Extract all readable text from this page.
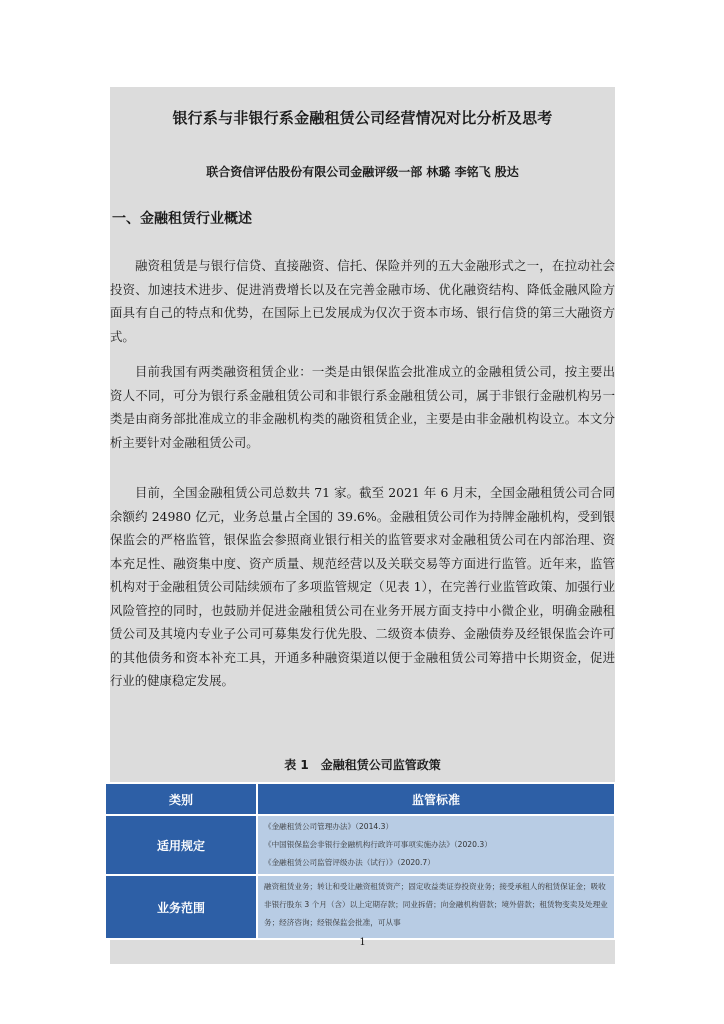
银行系与非银行系金融租赁公司经营情况对比分析及思考
联合资信评估股份有限公司金融评级一部 林璐 李铭飞 殷达
一、金融租赁行业概述
融资租赁是与银行信贷、直接融资、信托、保险并列的五大金融形式之一，在拉动社会投资、加速技术进步、促进消费增长以及在完善金融市场、优化融资结构、降低金融风险方面具有自己的特点和优势，在国际上已发展成为仅次于资本市场、银行信贷的第三大融资方式。
目前我国有两类融资租赁企业：一类是由银保监会批准成立的金融租赁公司，按主要出资人不同，可分为银行系金融租赁公司和非银行系金融租赁公司，属于非银行金融机构另一类是由商务部批准成立的非金融机构类的融资租赁企业，主要是由非金融机构设立。本文分析主要针对金融租赁公司。
目前，全国金融租赁公司总数共 71 家。截至 2021 年 6 月末，全国金融租赁公司合同余额约 24980 亿元，业务总量占全国的 39.6%。金融租赁公司作为持牌金融机构，受到银保监会的严格监管，银保监会参照商业银行相关的监管要求对金融租赁公司在内部治理、资本充足性、融资集中度、资产质量、规范经营以及关联交易等方面进行监管。近年来，监管机构对于金融租赁公司陆续颁布了多项监管规定（见表 1），在完善行业监管政策、加强行业风险管控的同时，也鼓励并促进金融租赁公司在业务开展方面支持中小微企业，明确金融租赁公司及其境内专业子公司可募集发行优先股、二级资本债券、金融债券及经银保监会许可的其他债务和资本补充工具，开通多种融资渠道以便于金融租赁公司筹措中长期资金，促进行业的健康稳定发展。
表 1　金融租赁公司监管政策
类别	监管标准
适用规定	《金融租赁公司管理办法》（2014.3）
《中国银保监会非银行金融机构行政许可事项实施办法》（2020.3）
《金融租赁公司监管评级办法（试行）》（2020.7）

业务范围	融资租赁业务；转让和受让融资租赁资产；固定收益类证券投资业务；接受承租人的租赁保证金；吸收非银行股东 3 个月（含）以上定期存款；同业拆借；向金融机构借款；境外借款；租赁物变卖及处理业务；经济咨询；经银保监会批准，可从事
1
